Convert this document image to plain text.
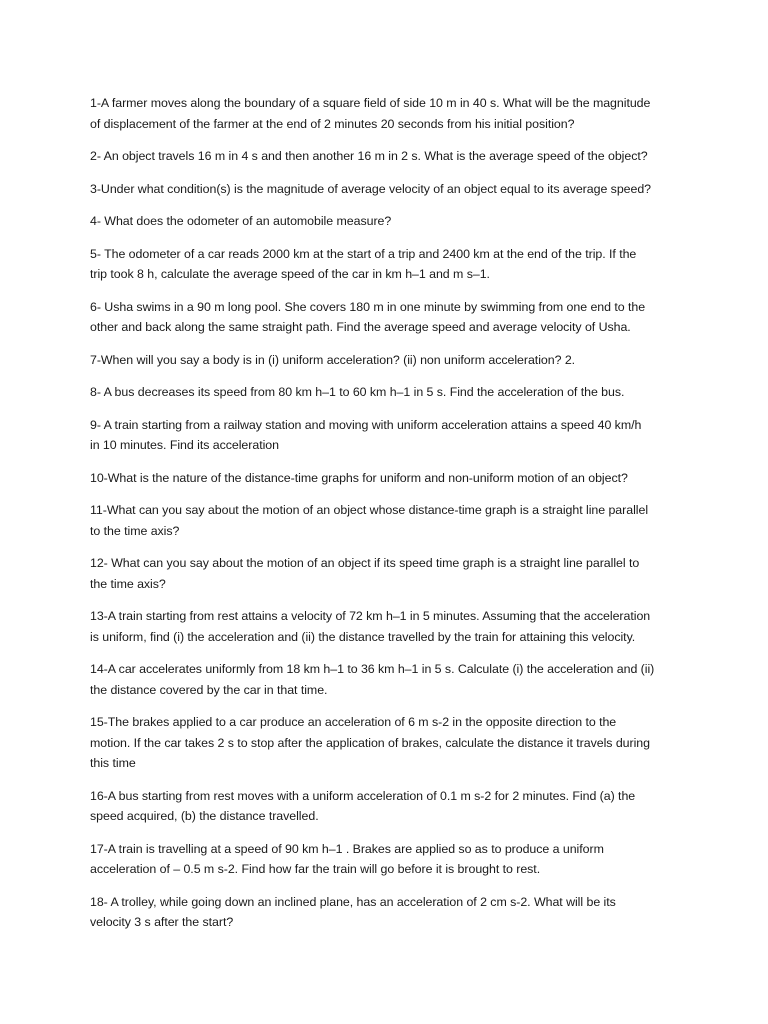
1-A farmer moves along the boundary of a square field of side 10 m in 40 s. What will be the magnitude
of displacement of the farmer at the end of 2 minutes 20 seconds from his initial position?
2- An object travels 16 m in 4 s and then another 16 m in 2 s. What is the average speed of the object?
3-Under what condition(s) is the magnitude of average velocity of an object equal to its average speed?
4- What does the odometer of an automobile measure?
5- The odometer of a car reads 2000 km at the start of a trip and 2400 km at the end of the trip. If the
trip took 8 h, calculate the average speed of the car in km h–1 and m s–1.
6- Usha swims in a 90 m long pool. She covers 180 m in one minute by swimming from one end to the
other and back along the same straight path. Find the average speed and average velocity of Usha.
7-When will you say a body is in (i) uniform acceleration? (ii) non uniform acceleration? 2.
8- A bus decreases its speed from 80 km h–1 to 60 km h–1 in 5 s. Find the acceleration of the bus.
9- A train starting from a railway station and moving with uniform acceleration attains a speed 40 km/h
in 10 minutes. Find its acceleration
10-What is the nature of the distance-time graphs for uniform and non-uniform motion of an object?
11-What can you say about the motion of an object whose distance-time graph is a straight line parallel
to the time axis?
12- What can you say about the motion of an object if its speed time graph is a straight line parallel to
the time axis?
13-A train starting from rest attains a velocity of 72 km h–1 in 5 minutes. Assuming that the acceleration
is uniform, find (i) the acceleration and (ii) the distance travelled by the train for attaining this velocity.
14-A car accelerates uniformly from 18 km h–1 to 36 km h–1 in 5 s. Calculate (i) the acceleration and (ii)
the distance covered by the car in that time.
15-The brakes applied to a car produce an acceleration of 6 m s-2 in the opposite direction to the
motion. If the car takes 2 s to stop after the application of brakes, calculate the distance it travels during
this time
16-A bus starting from rest moves with a uniform acceleration of 0.1 m s-2 for 2 minutes. Find (a) the
speed acquired, (b) the distance travelled.
17-A train is travelling at a speed of 90 km h–1 . Brakes are applied so as to produce a uniform
acceleration of – 0.5 m s-2. Find how far the train will go before it is brought to rest.
18- A trolley, while going down an inclined plane, has an acceleration of 2 cm s-2. What will be its
velocity 3 s after the start?
